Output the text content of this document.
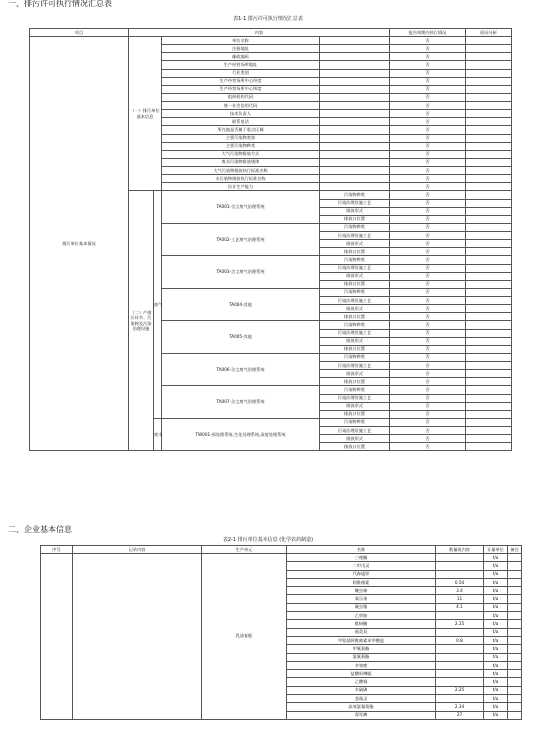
一、排污许可执行情况汇总表
表1-1 排污许可执行情况汇总表
项目	内容				报告周期内执行情况	原因分析
排污单位基本情况	（一）排污单位基本信息		单位名称		否	
			注册地址		否	
			邮政编码		否	
			生产经营场所地址		否	
			行业类别		否	
			生产经营场所中心经度		否	
			生产经营场所中心纬度		否	
			组织机构代码		否	
			统一社会信用代码		否	
			技术负责人		否	
			联系电话		否	
			所在地是否属于重点区域		否	
			主要污染物类别		否	
			主要污染物种类		否	
			大气污染物排放方式		否	
			废水污染物排放规律		否	
			大气污染物排放执行标准名称		否	
			水污染物排放执行标准名称		否	
			设计生产能力		否	
	（二）产排污环节、污染物及污染治理设施	废气	TA001-含尘废气治理系统	污染物种类	否	
				污染治理设施工艺	否	
				排放形式	否	
				排放口位置	否	
			TA002-工艺废气治理系统	污染物种类	否	
				污染治理设施工艺	否	
				排放形式	否	
				排放口位置	否	
			TA003-含尘废气治理系统	污染物种类	否	
				污染治理设施工艺	否	
				排放形式	否	
				排放口位置	否	
			TA004-其他	污染物种类	否	
				污染治理设施工艺	否	
				排放形式	否	
				排放口位置	否	
			TA005-其他	污染物种类	否	
				污染治理设施工艺	否	
				排放形式	否	
				排放口位置	否	
			TA006-含尘废气治理系统	污染物种类	否	
				污染治理设施工艺	否	
				排放形式	否	
				排放口位置	否	
			TA007-含尘废气治理系统	污染物种类	否	
				污染治理设施工艺	否	
				排放形式	否	
				排放口位置	否	
		废水	TW001-预处理系统,生化处理系统,深度处理系统	污染物种类	否	
				污染治理设施工艺	否	
				排放形式	否	
				排放口位置	否	
二、企业基本信息
表2-1 排污单位基本信息 (化学农药制造)
序号	记录内容	生产单元	名称	数量或内容	计量单位	备注
		乳油复配	三唑酮		t/a	
			二甲戊灵		t/a	
			代森锰锌		t/a	
			阿维菌素	0.54	t/a	
			噻虫嗪	3.4	t/a	
			氧乐果	11	t/a	
			氟虫腈	4.1	t/a	
			乙草胺		t/a	
			吡蚜酮	2.25	t/a	
			福美双		t/a	
			甲氨基阿维菌素苯甲酸盐	0.8	t/a	
			甲氰菊酯		t/a	
			氯氰菊酯		t/a	
			多效唑		t/a	
			盐酸吗啉胍		t/a	
			乙酸铜		t/a	
			辛硫磷	2.25	t/a	
			悲霜灵		t/a	
			高效氯氰菊酯	2.34	t/a	
			毒死蜱	27	t/a	
